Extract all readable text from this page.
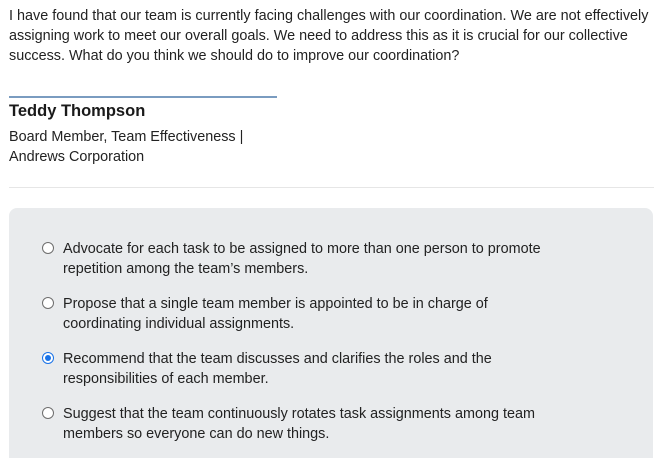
I have found that our team is currently facing challenges with our coordination. We are not effectively assigning work to meet our overall goals. We need to address this as it is crucial for our collective success. What do you think we should do to improve our coordination?

Teddy Thompson

Board Member, Team Effectiveness |
Andrews Corporation

Advocate for each task to be assigned to more than one person to promote repetition among the team’s members.
Propose that a single team member is appointed to be in charge of coordinating individual assignments.
Recommend that the team discusses and clarifies the roles and the responsibilities of each member.
Suggest that the team continuously rotates task assignments among team members so everyone can do new things.
